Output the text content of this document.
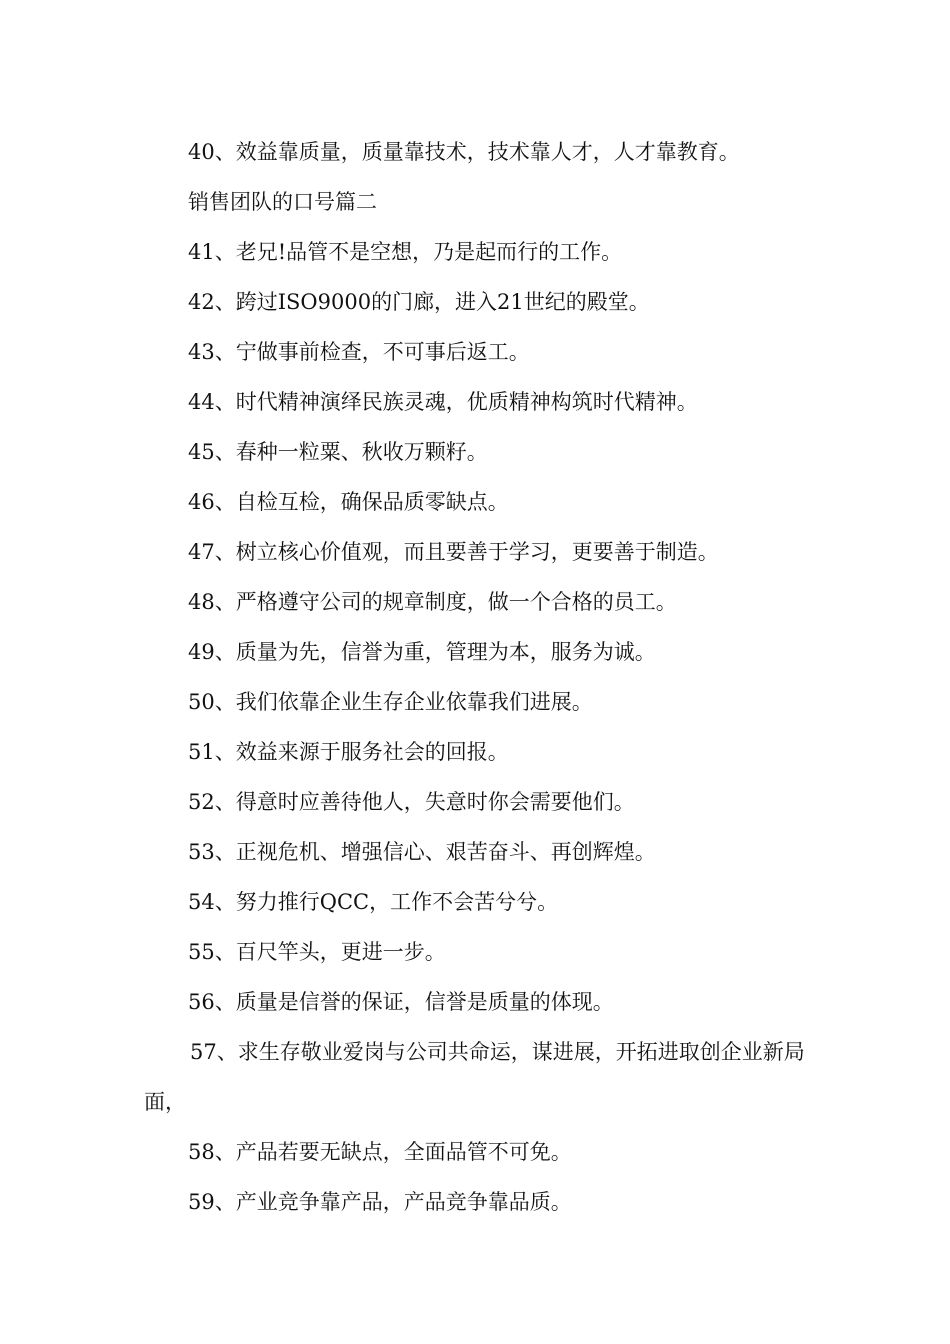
40、效益靠质量，质量靠技术，技术靠人才，人才靠教育。

销售团队的口号篇二

41、老兄!品管不是空想，乃是起而行的工作。

42、跨过ISO9000的门廊，进入21世纪的殿堂。

43、宁做事前检查，不可事后返工。

44、时代精神演绎民族灵魂，优质精神构筑时代精神。

45、春种一粒粟、秋收万颗籽。

46、自检互检，确保品质零缺点。

47、树立核心价值观，而且要善于学习，更要善于制造。

48、严格遵守公司的规章制度，做一个合格的员工。

49、质量为先，信誉为重，管理为本，服务为诚。

50、我们依靠企业生存企业依靠我们进展。

51、效益来源于服务社会的回报。

52、得意时应善待他人，失意时你会需要他们。

53、正视危机、增强信心、艰苦奋斗、再创辉煌。

54、努力推行QCC，工作不会苦兮兮。

55、百尺竿头，更进一步。

56、质量是信誉的保证，信誉是质量的体现。

57、求生存敬业爱岗与公司共命运，谋进展，开拓进取创企业新局面，

58、产品若要无缺点，全面品管不可免。

59、产业竞争靠产品，产品竞争靠品质。
